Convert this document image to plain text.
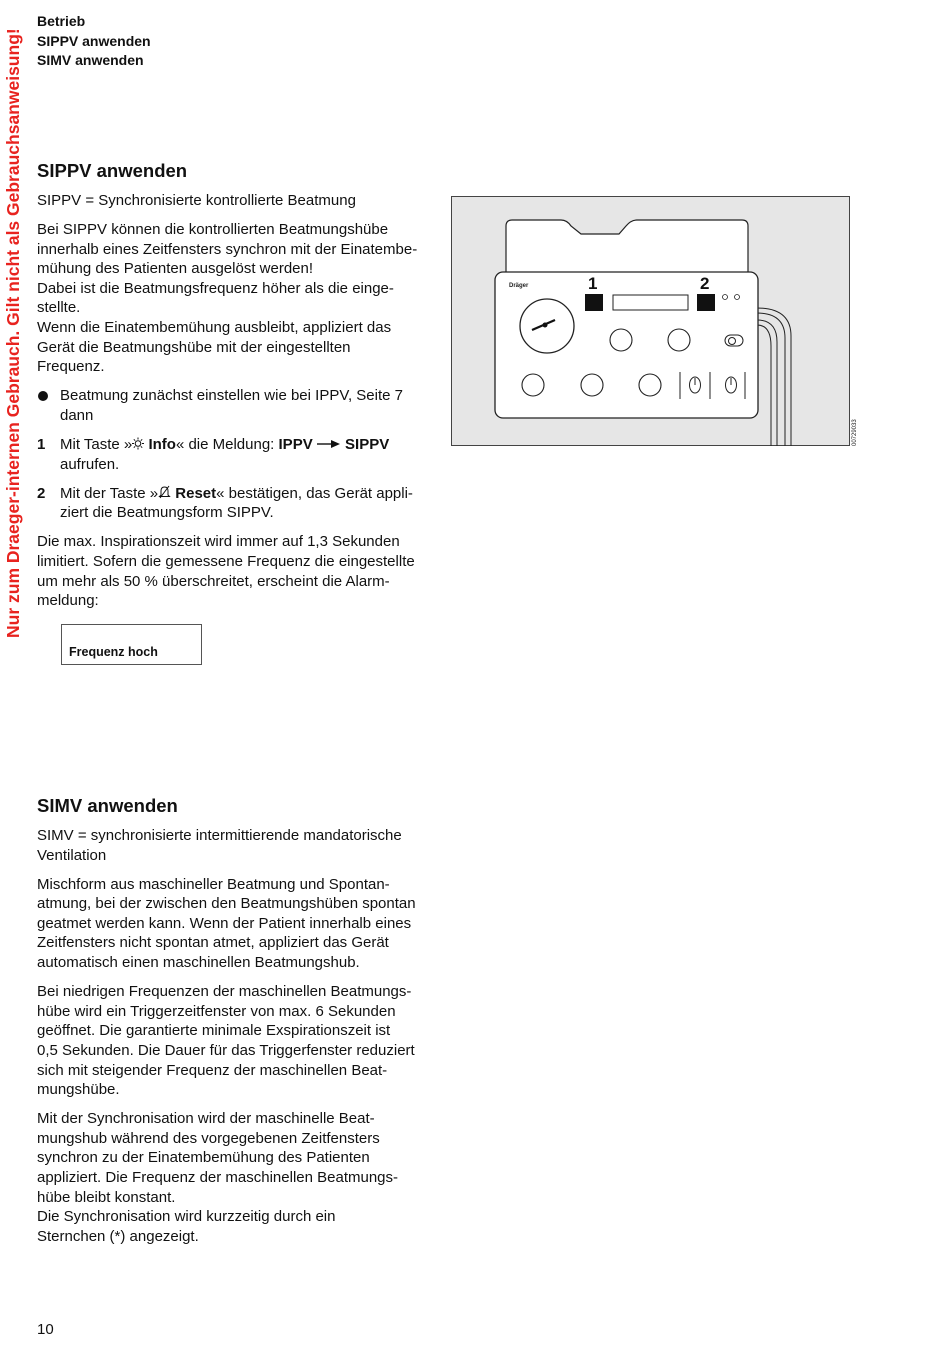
Nur zum Draeger-internen Gebrauch. Gilt nicht als Gebrauchsanweisung!
Betrieb
SIPPV anwenden
SIMV anwenden
SIPPV anwenden

SIPPV = Synchronisierte kontrollierte Beatmung

Bei SIPPV können die kontrollierten Beatmungshübe
innerhalb eines Zeitfensters synchron mit der Einatembe-
mühung des Patienten ausgelöst werden!
Dabei ist die Beatmungsfrequenz höher als die einge-
stellte.
Wenn die Einatembemühung ausbleibt, appliziert das
Gerät die Beatmungshübe mit der eingestellten
Frequenz.

Beatmung zunächst einstellen wie bei IPPV, Seite 7
dann
1 Mit Taste » Info« die Meldung: IPPV SIPPV
aufrufen.
2 Mit der Taste » Reset« bestätigen, das Gerät appli-
ziert die Beatmungsform SIPPV.

Die max. Inspirationszeit wird immer auf 1,3 Sekunden
limitiert. Sofern die gemessene Frequenz die eingestellte
um mehr als 50 % überschreitet, erscheint die Alarm-
meldung:

Frequenz hoch
Dräger	1	2
00729033
SIMV anwenden

SIMV = synchronisierte intermittierende mandatorische
Ventilation

Mischform aus maschineller Beatmung und Spontan-
atmung, bei der zwischen den Beatmungshüben spontan
geatmet werden kann. Wenn der Patient innerhalb eines
Zeitfensters nicht spontan atmet, appliziert das Gerät
automatisch einen maschinellen Beatmungshub.

Bei niedrigen Frequenzen der maschinellen Beatmungs-
hübe wird ein Triggerzeitfenster von max. 6 Sekunden
geöffnet. Die garantierte minimale Exspirationszeit ist
0,5 Sekunden. Die Dauer für das Triggerfenster reduziert
sich mit steigender Frequenz der maschinellen Beat-
mungshübe.

Mit der Synchronisation wird der maschinelle Beat-
mungshub während des vorgegebenen Zeitfensters
synchron zu der Einatembemühung des Patienten
appliziert. Die Frequenz der maschinellen Beatmungs-
hübe bleibt konstant.
Die Synchronisation wird kurzzeitig durch ein
Sternchen (*) angezeigt.

10
